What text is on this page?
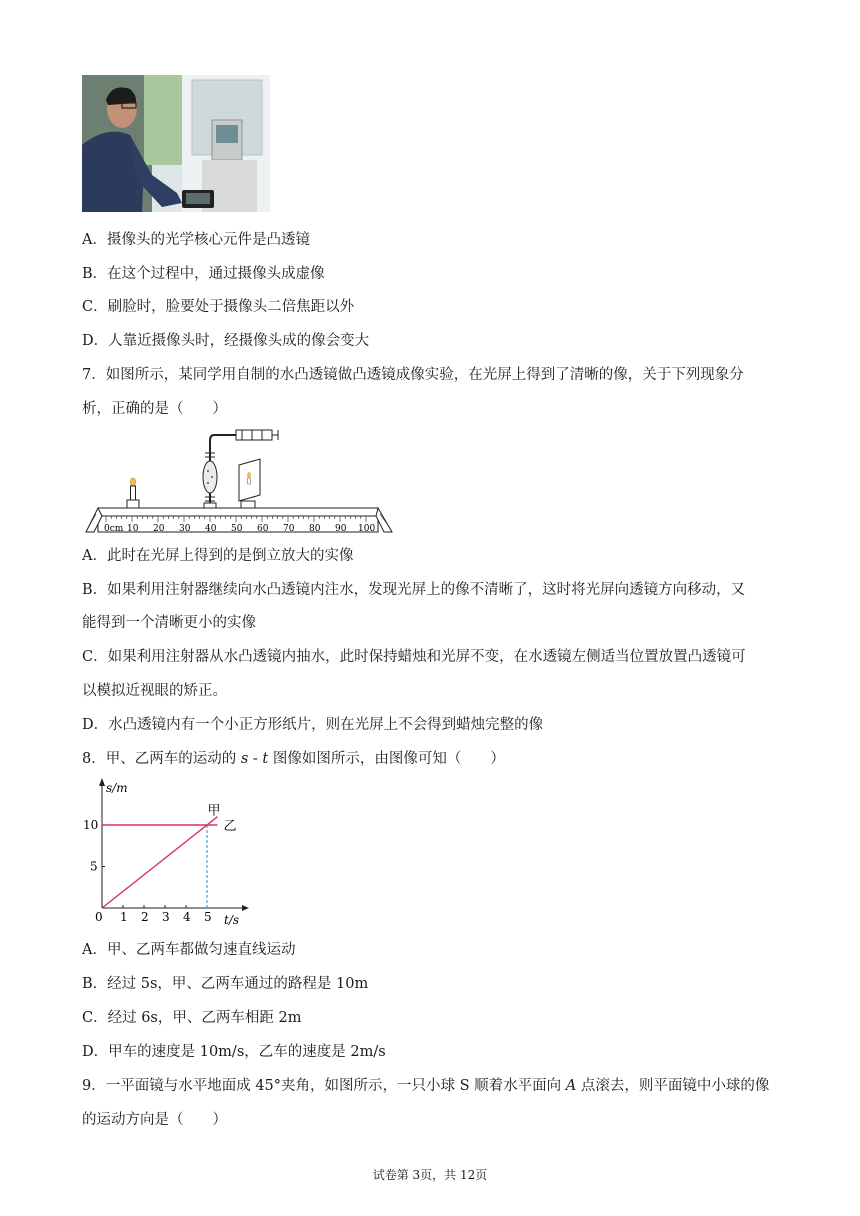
A．摄像头的光学核心元件是凸透镜
B．在这个过程中，通过摄像头成虚像
C．刷脸时，脸要处于摄像头二倍焦距以外
D．人靠近摄像头时，经摄像头成的像会变大
7．如图所示，某同学用自制的水凸透镜做凸透镜成像实验，在光屏上得到了清晰的像，关于下列现象分
析，正确的是（　　）
0cm 10 20 30 40 50 60 70 80 90 100
A．此时在光屏上得到的是倒立放大的实像
B．如果利用注射器继续向水凸透镜内注水，发现光屏上的像不清晰了，这时将光屏向透镜方向移动，又
能得到一个清晰更小的实像
C．如果利用注射器从水凸透镜内抽水，此时保持蜡烛和光屏不变，在水透镜左侧适当位置放置凸透镜可
以模拟近视眼的矫正。
D．水凸透镜内有一个小正方形纸片，则在光屏上不会得到蜡烛完整的像
8．甲、乙两车的运动的 s - t 图像如图所示，由图像可知（　　）
0 1 2 3 4 5
5
10
s/m
t/s
甲
乙
A．甲、乙两车都做匀速直线运动
B．经过 5s，甲、乙两车通过的路程是 10m
C．经过 6s，甲、乙两车相距 2m
D．甲车的速度是 10m/s，乙车的速度是 2m/s
9．一平面镜与水平地面成 45°夹角，如图所示，一只小球 S 顺着水平面向 A 点滚去，则平面镜中小球的像
的运动方向是（　　）
试卷第 3页，共 12页
